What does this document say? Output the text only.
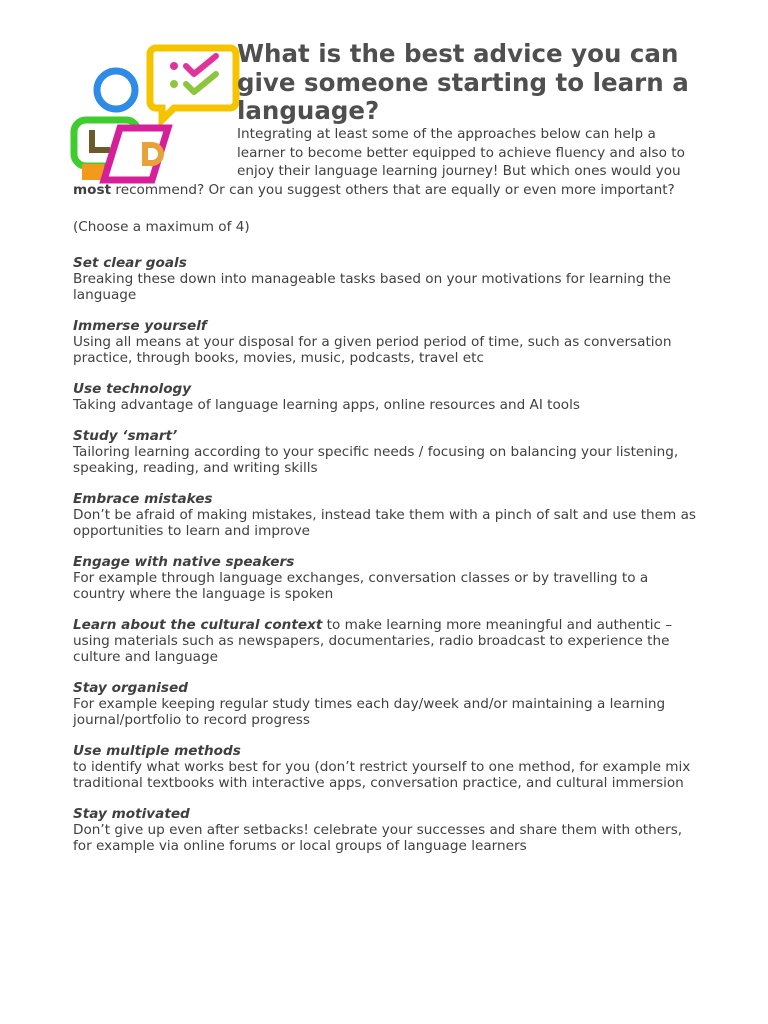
What is the best advice you can give someone starting to learn a language?

Integrating at least some of the approaches below can help a learner to become better equipped to achieve fluency and also to enjoy their language learning journey! But which ones would you most recommend? Or can you suggest others that are equally or even more important?

(Choose a maximum of 4)

Set clear goals
Breaking these down into manageable tasks based on your motivations for learning the language
Immerse yourself
Using all means at your disposal for a given period period of time, such as conversation practice, through books, movies, music, podcasts, travel etc
Use technology
Taking advantage of language learning apps, online resources and AI tools
Study ‘smart’
Tailoring learning according to your specific needs / focusing on balancing your listening, speaking, reading, and writing skills
Embrace mistakes
Don’t be afraid of making mistakes, instead take them with a pinch of salt and use them as opportunities to learn and improve
Engage with native speakers
For example through language exchanges, conversation classes or by travelling to a country where the language is spoken
Learn about the cultural context to make learning more meaningful and authentic – using materials such as newspapers, documentaries, radio broadcast to experience the culture and language
Stay organised
For example keeping regular study times each day/week and/or maintaining a learning journal/portfolio to record progress
Use multiple methods
to identify what works best for you (don’t restrict yourself to one method, for example mix traditional textbooks with interactive apps, conversation practice, and cultural immersion
Stay motivated
Don’t give up even after setbacks! celebrate your successes and share them with others, for example via online forums or local groups of language learners
